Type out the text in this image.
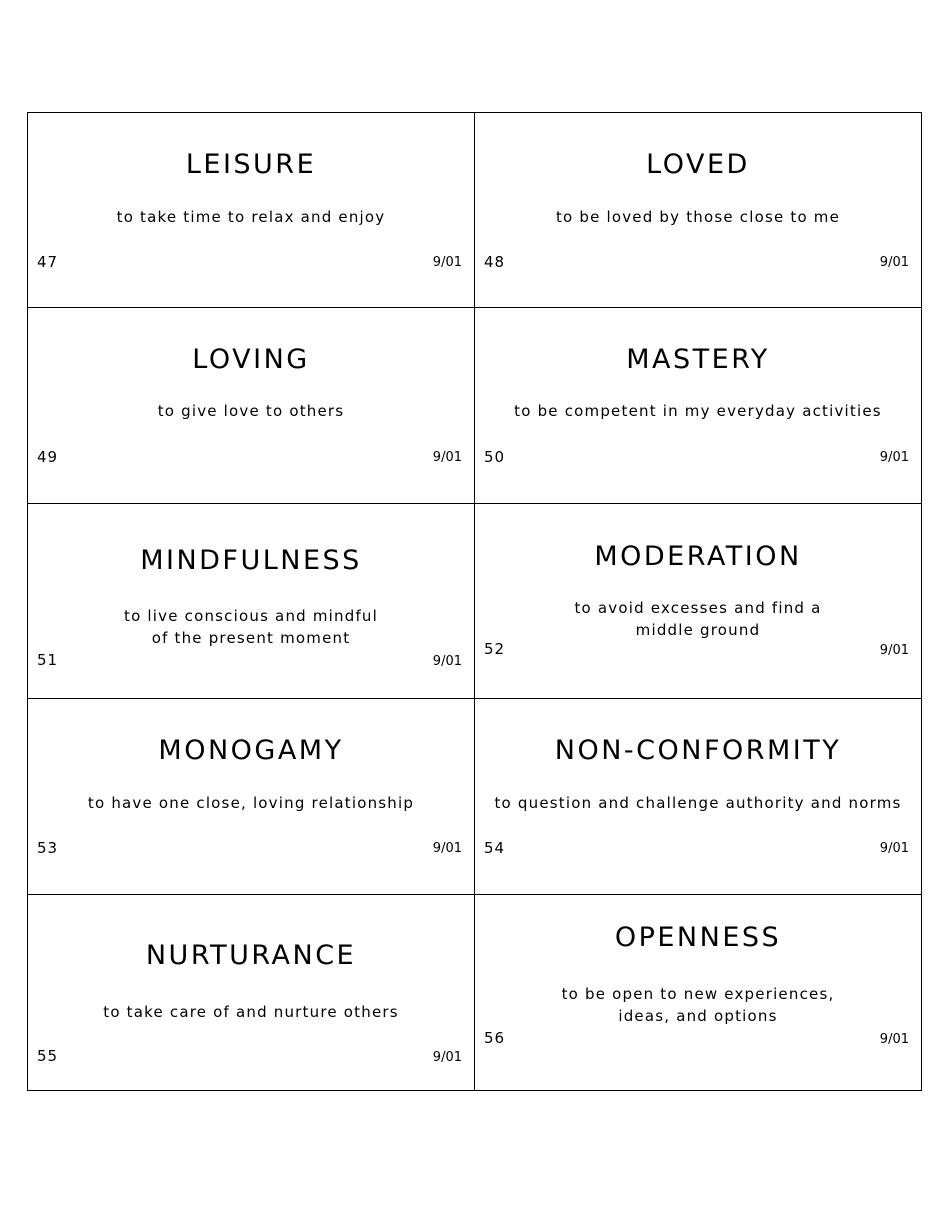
LEISURE
to take time to relax and enjoy
47	9/01
LOVED
to be loved by those close to me
48	9/01
LOVING
to give love to others
49	9/01
MASTERY
to be competent in my everyday activities
50	9/01
MINDFULNESS
to live conscious and mindful
of the present moment
51	9/01
MODERATION
to avoid excesses and find a
middle ground
52	9/01
MONOGAMY
to have one close, loving relationship
53	9/01
NON-CONFORMITY
to question and challenge authority and norms
54	9/01
NURTURANCE
to take care of and nurture others
55	9/01
OPENNESS
to be open to new experiences,
ideas, and options
56	9/01
